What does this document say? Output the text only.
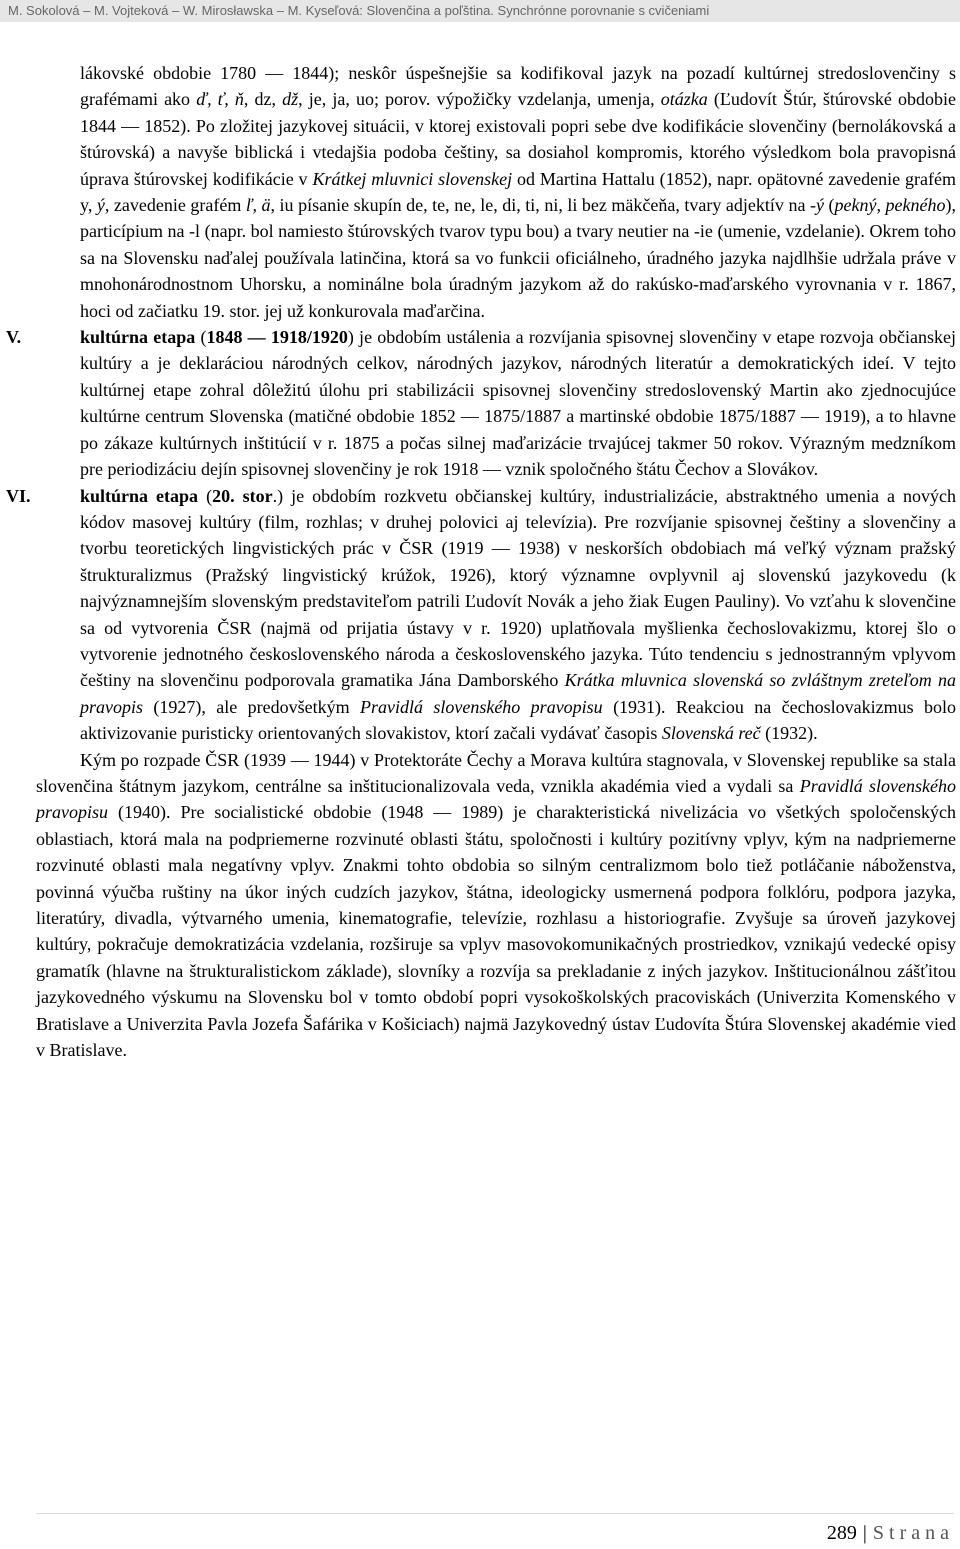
M. Sokolová – M. Vojteková – W. Mirosławska – M. Kyseľová: Slovenčina a poľština. Synchrónne porovnanie s cvičeniami

lákovské obdobie 1780 — 1844); neskôr úspešnejšie sa kodifikoval jazyk na pozadí kultúrnej stredoslovenčiny s grafémami ako ď, ť, ň, dz, dž, je, ja, uo; porov. výpožičky vzdelanja, umenja, otázka (Ľudovít Štúr, štúrovské obdobie 1844 — 1852). Po zložitej jazykovej situácii, v ktorej existovali popri sebe dve kodifikácie slovenčiny (bernolákovská a štúrovská) a navyše biblická i vtedajšia podoba češtiny, sa dosiahol kompromis, ktorého výsledkom bola pravopisná úprava štúrovskej kodifikácie v Krátkej mluvnici slovenskej od Martina Hattalu (1852), napr. opätovné zavedenie grafém y, ý, zavedenie grafém ľ, ä, iu písanie skupín de, te, ne, le, di, ti, ni, li bez mäkčeňa, tvary adjektív na -ý (pekný, pekného), particípium na -l (napr. bol namiesto štúrovských tvarov typu bou) a tvary neutier na -ie (umenie, vzdelanie). Okrem toho sa na Slovensku naďalej používala latinčina, ktorá sa vo funkcii oficiálneho, úradného jazyka najdlhšie udržala práve v mnohonárodnostnom Uhorsku, a nominálne bola úradným jazykom až do rakúsko-maďarského vyrovnania v r. 1867, hoci od začiatku 19. stor. jej už konkurovala maďarčina.

V.	kultúrna etapa (1848 — 1918/1920) je obdobím ustálenia a rozvíjania spisovnej slovenčiny v etape rozvoja občianskej kultúry a je deklaráciou národných celkov, národných jazykov, národných literatúr a demokratických ideí. V tejto kultúrnej etape zohral dôležitú úlohu pri stabilizácii spisovnej slovenčiny stredoslovenský Martin ako zjednocujúce kultúrne centrum Slovenska (matičné obdobie 1852 — 1875/1887 a martinské obdobie 1875/1887 — 1919), a to hlavne po zákaze kultúrnych inštitúcií v r. 1875 a počas silnej maďarizácie trvajúcej takmer 50 rokov. Výrazným medzníkom pre periodizáciu dejín spisovnej slovenčiny je rok 1918 — vznik spoločného štátu Čechov a Slovákov.

VI.	kultúrna etapa (20. stor.) je obdobím rozkvetu občianskej kultúry, industrializácie, abstraktného umenia a nových kódov masovej kultúry (film, rozhlas; v druhej polovici aj televízia). Pre rozvíjanie spisovnej češtiny a slovenčiny a tvorbu teoretických lingvistických prác v ČSR (1919 — 1938) v neskorších obdobiach má veľký význam pražský štrukturalizmus (Pražský lingvistický krúžok, 1926), ktorý významne ovplyvnil aj slovenskú jazykovedu (k najvýznamnejším slovenským predstaviteľom patrili Ľudovít Novák a jeho žiak Eugen Pauliny). Vo vzťahu k slovenčine sa od vytvorenia ČSR (najmä od prijatia ústavy v r. 1920) uplatňovala myšlienka čechoslovakizmu, ktorej šlo o vytvorenie jednotného československého národa a československého jazyka. Túto tendenciu s jednostranným vplyvom češtiny na slovenčinu podporovala gramatika Jána Damborského Krátka mluvnica slovenská so zvláštnym zreteľom na pravopis (1927), ale predovšetkým Pravidlá slovenského pravopisu (1931). Reakciou na čechoslovakizmus bolo aktivizovanie puristicky orientovaných slovakistov, ktorí začali vydávať časopis Slovenská reč (1932).

Kým po rozpade ČSR (1939 — 1944) v Protektoráte Čechy a Morava kultúra stagnovala, v Slovenskej republike sa stala slovenčina štátnym jazykom, centrálne sa inštitucionalizovala veda, vznikla akadémia vied a vydali sa Pravidlá slovenského pravopisu (1940). Pre socialistické obdobie (1948 — 1989) je charakteristická nivelizácia vo všetkých spoločenských oblastiach, ktorá mala na podpriemerne rozvinuté oblasti štátu, spoločnosti i kultúry pozitívny vplyv, kým na nadpriemerne rozvinuté oblasti mala negatívny vplyv. Znakmi tohto obdobia so silným centralizmom bolo tiež potláčanie náboženstva, povinná výučba ruštiny na úkor iných cudzích jazykov, štátna, ideologicky usmernená podpora folklóru, podpora jazyka, literatúry, divadla, výtvarného umenia, kinematografie, televízie, rozhlasu a historiografie. Zvyšuje sa úroveň jazykovej kultúry, pokračuje demokratizácia vzdelania, rozširuje sa vplyv masovokomunikačných prostriedkov, vznikajú vedecké opisy gramatík (hlavne na štrukturalistickom základe), slovníky a rozvíja sa prekladanie z iných jazykov. Inštitucionálnou zášťitou jazykovedného výskumu na Slovensku bol v tomto období popri vysokoškolských pracoviskách (Univerzita Komenského v Bratislave a Univerzita Pavla Jozefa Šafárika v Košiciach) najmä Jazykovedný ústav Ľudovíta Štúra Slovenskej akadémie vied v Bratislave.

289 | Strana
